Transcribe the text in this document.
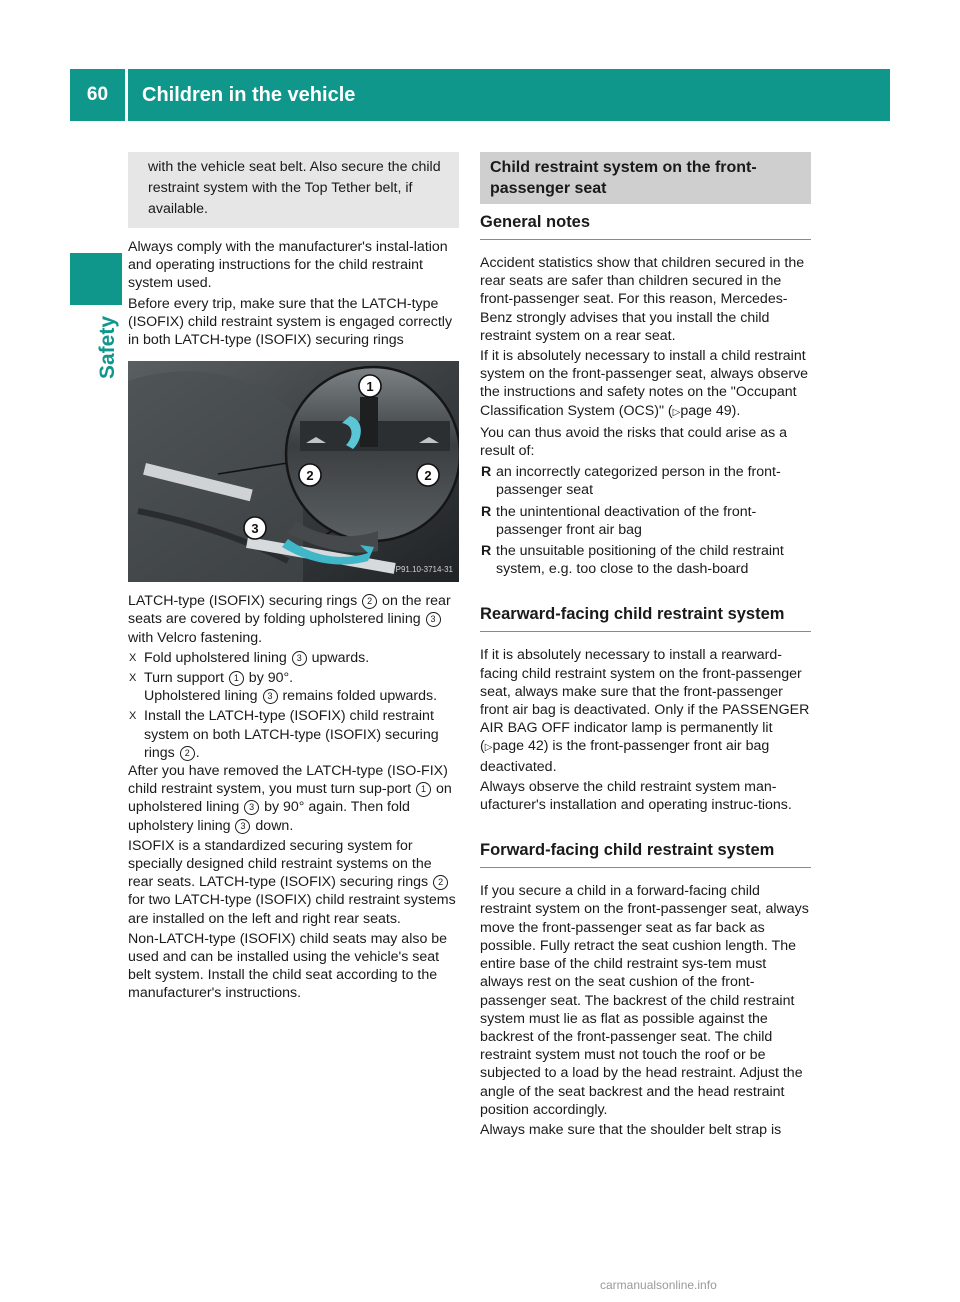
60	Children in the vehicle
Safety
with the vehicle seat belt. Also secure the child restraint system with the Top Tether belt, if available.

Always comply with the manufacturer's instal-lation and operating instructions for the child restraint system used.

Before every trip, make sure that the LATCH-type (ISOFIX) child restraint system is engaged correctly in both LATCH-type (ISOFIX) securing rings

1
2	2
3
P91.10-3714-31

LATCH-type (ISOFIX) securing rings 2 on the rear seats are covered by folding upholstered lining 3 with Velcro fastening.

X Fold upholstered lining 3 upwards.
X Turn support 1 by 90°.
Upholstered lining 3 remains folded upwards.
X Install the LATCH-type (ISOFIX) child restraint system on both LATCH-type (ISOFIX) securing rings 2 .

After you have removed the LATCH-type (ISO-FIX) child restraint system, you must turn sup-port 1 on upholstered lining 3 by 90° again. Then fold upholstery lining 3 down.

ISOFIX is a standardized securing system for specially designed child restraint systems on the rear seats. LATCH-type (ISOFIX) securing rings 2 for two LATCH-type (ISOFIX) child restraint systems are installed on the left and right rear seats.

Non-LATCH-type (ISOFIX) child seats may also be used and can be installed using the vehicle's seat belt system. Install the child seat according to the manufacturer's instructions.

Child restraint system on the front-passenger seat
General notes

Accident statistics show that children secured in the rear seats are safer than children secured in the front-passenger seat. For this reason, Mercedes-Benz strongly advises that you install the child restraint system on a rear seat.

If it is absolutely necessary to install a child restraint system on the front-passenger seat, always observe the instructions and safety notes on the "Occupant Classification System (OCS)" (▷page 49).

You can thus avoid the risks that could arise as a result of:

R an incorrectly categorized person in the front-passenger seat
R the unintentional deactivation of the front-passenger front air bag
R the unsuitable positioning of the child restraint system, e.g. too close to the dash-board
Rearward-facing child restraint system

If it is absolutely necessary to install a rearward-facing child restraint system on the front-passenger seat, always make sure that the front-passenger front air bag is deactivated. Only if the PASSENGER AIR BAG OFF indicator lamp is permanently lit (▷page 42) is the front-passenger front air bag deactivated.

Always observe the child restraint system man-ufacturer's installation and operating instruc-tions.

Forward-facing child restraint system

If you secure a child in a forward-facing child restraint system on the front-passenger seat, always move the front-passenger seat as far back as possible. Fully retract the seat cushion length. The entire base of the child restraint sys-tem must always rest on the seat cushion of the front-passenger seat. The backrest of the child restraint system must lie as flat as possible against the backrest of the front-passenger seat. The child restraint system must not touch the roof or be subjected to a load by the head restraint. Adjust the angle of the seat backrest and the head restraint position accordingly.

Always make sure that the shoulder belt strap is

carmanualsonline.info
